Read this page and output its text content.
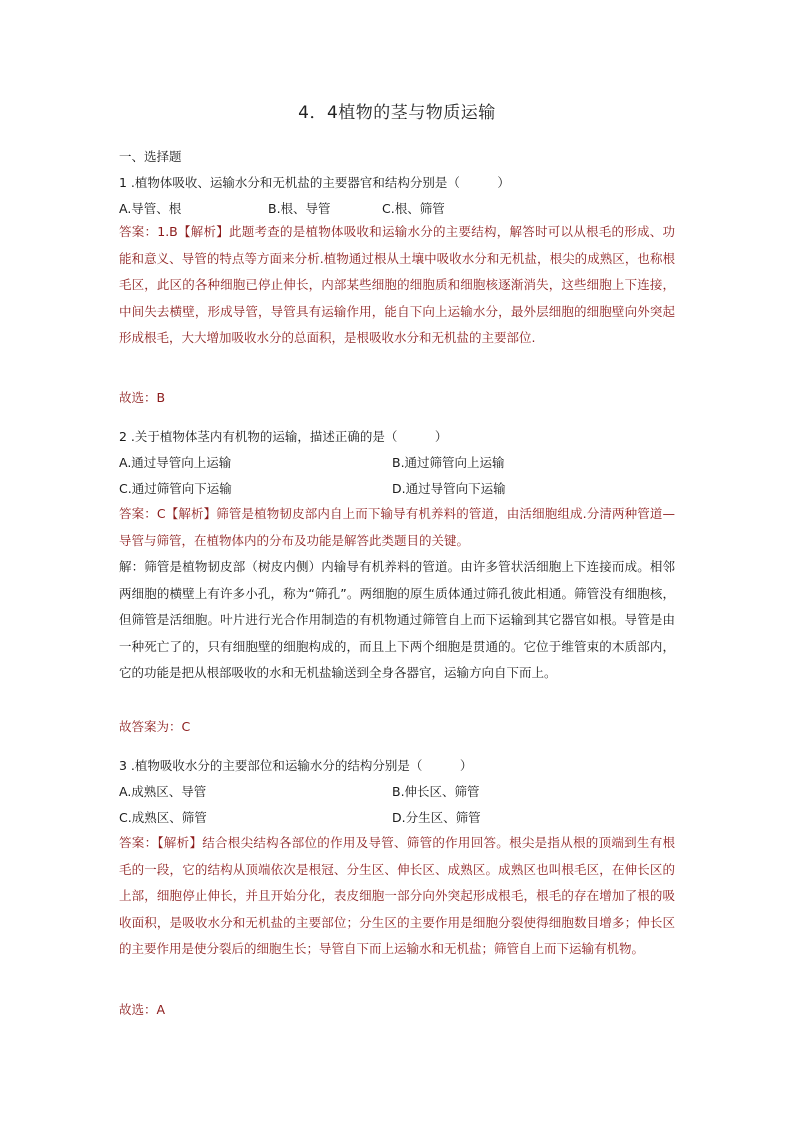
4．4植物的茎与物质运输
一、选择题
1 .植物体吸收、运输水分和无机盐的主要器官和结构分别是（　　　）
A.导管、根	B.根、导管	C.根、筛管
答案：1.B【解析】此题考查的是植物体吸收和运输水分的主要结构，解答时可以从根毛的形成、功能和意义、导管的特点等方面来分析.植物通过根从土壤中吸收水分和无机盐，根尖的成熟区，也称根毛区，此区的各种细胞已停止伸长，内部某些细胞的细胞质和细胞核逐渐消失，这些细胞上下连接，中间失去横壁，形成导管，导管具有运输作用，能自下向上运输水分，最外层细胞的细胞壁向外突起形成根毛，大大增加吸收水分的总面积，是根吸收水分和无机盐的主要部位.
故选：B
2 .关于植物体茎内有机物的运输，描述正确的是（　　　）
A.通过导管向上运输	B.通过筛管向上运输
C.通过筛管向下运输	D.通过导管向下运输
答案：C【解析】筛管是植物韧皮部内自上而下输导有机养料的管道，由活细胞组成.分清两种管道—导管与筛管，在植物体内的分布及功能是解答此类题目的关键。
解：筛管是植物韧皮部（树皮内侧）内输导有机养料的管道。由许多管状活细胞上下连接而成。相邻两细胞的横壁上有许多小孔，称为“筛孔”。两细胞的原生质体通过筛孔彼此相通。筛管没有细胞核，但筛管是活细胞。叶片进行光合作用制造的有机物通过筛管自上而下运输到其它器官如根。导管是由一种死亡了的，只有细胞壁的细胞构成的，而且上下两个细胞是贯通的。它位于维管束的木质部内，它的功能是把从根部吸收的水和无机盐输送到全身各器官，运输方向自下而上。
故答案为：C
3 .植物吸收水分的主要部位和运输水分的结构分别是（　　　）
A.成熟区、导管	B.伸长区、筛管
C.成熟区、筛管	D.分生区、筛管
答案：【解析】结合根尖结构各部位的作用及导管、筛管的作用回答。根尖是指从根的顶端到生有根毛的一段，它的结构从顶端依次是根冠、分生区、伸长区、成熟区。成熟区也叫根毛区，在伸长区的上部，细胞停止伸长，并且开始分化，表皮细胞一部分向外突起形成根毛，根毛的存在增加了根的吸收面积，是吸收水分和无机盐的主要部位；分生区的主要作用是细胞分裂使得细胞数目增多；伸长区的主要作用是使分裂后的细胞生长；导管自下而上运输水和无机盐；筛管自上而下运输有机物。
故选：A
